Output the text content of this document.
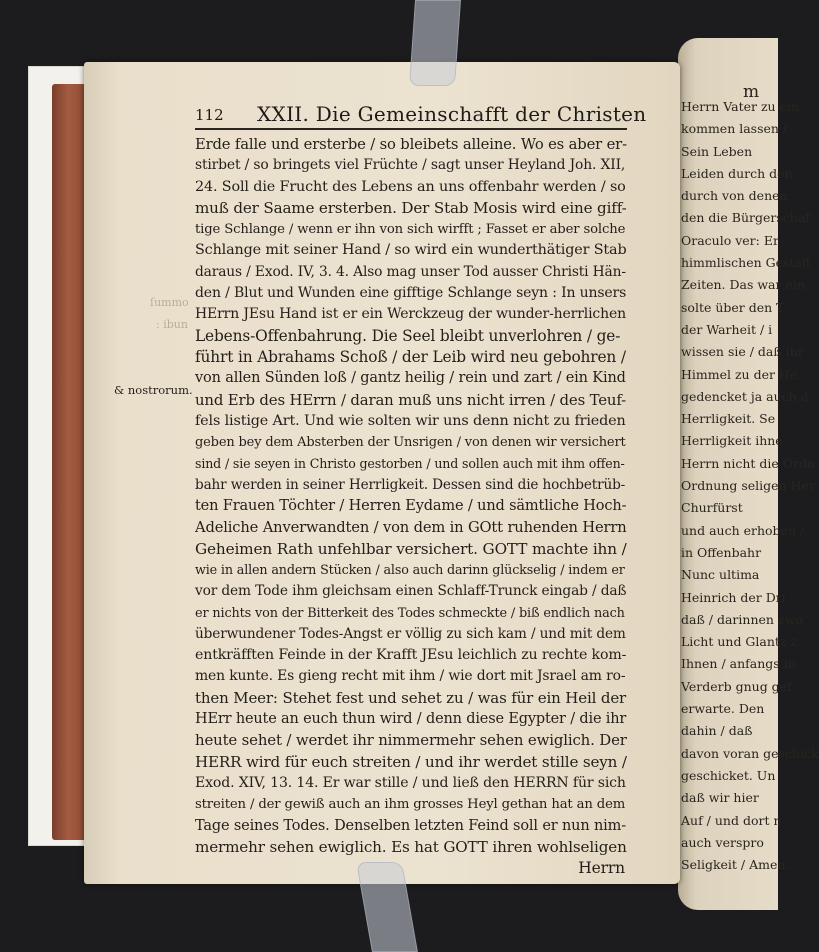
m
Herrn Vater zu ein
kommen lassen /
Sein Leben
Leiden durch den
durch von denen
den die Bürgerschaf
Oraculo ver: Er
himmlischen Gestalt
Zeiten. Das war ein
solte über den T
der Warheit / i
wissen sie / daß ihr
Himmel zu der He
gedencket ja auch d
Herrligkeit. Se
Herrligkeit ihne
Herrn nicht die Ordn
Ordnung seligen Her
Churfürst
und auch erhoben /
in Offenbahr
Nunc ultima
Heinrich der Dri
daß / darinnen zwo
Licht und Glantz z
Ihnen / anfangs in
Verderb gnug gef
erwarte. Den
dahin / daß
davon voran geschick
geschicket. Un
daß wir hier
Auf / und dort n
auch verspro
Seligkeit / Amen.
112 XXII. Die Gemeinschafft der Christen
& nostrorum.
ſummo
: ibun
Erde falle und ersterbe / so bleibets alleine. Wo es aber er-
stirbet / so bringets viel Früchte / sagt unser Heyland Joh. XII,
24. Soll die Frucht des Lebens an uns offenbahr werden / so
muß der Saame ersterben. Der Stab Mosis wird eine giff-
tige Schlange / wenn er ihn von sich wirfft ; Fasset er aber solche
Schlange mit seiner Hand / so wird ein wunderthätiger Stab
daraus / Exod. IV, 3. 4. Also mag unser Tod ausser Christi Hän-
den / Blut und Wunden eine gifftige Schlange seyn : In unsers
HErrn JEsu Hand ist er ein Werckzeug der wunder-herrlichen
Lebens-Offenbahrung. Die Seel bleibt unverlohren / ge-
führt in Abrahams Schoß / der Leib wird neu gebohren /
von allen Sünden loß / gantz heilig / rein und zart / ein Kind
und Erb des HErrn / daran muß uns nicht irren / des Teuf-
fels listige Art. Und wie solten wir uns denn nicht zu frieden
geben bey dem Absterben der Unsrigen / von denen wir versichert
sind / sie seyen in Christo gestorben / und sollen auch mit ihm offen-
bahr werden in seiner Herrligkeit. Dessen sind die hochbetrüb-
ten Frauen Töchter / Herren Eydame / und sämtliche Hoch-
Adeliche Anverwandten / von dem in GOtt ruhenden Herrn
Geheimen Rath unfehlbar versichert. GOTT machte ihn /
wie in allen andern Stücken / also auch darinn glückselig / indem er
vor dem Tode ihm gleichsam einen Schlaff-Trunck eingab / daß
er nichts von der Bitterkeit des Todes schmeckte / biß endlich nach
überwundener Todes-Angst er völlig zu sich kam / und mit dem
entkräfften Feinde in der Krafft JEsu leichlich zu rechte kom-
men kunte. Es gieng recht mit ihm / wie dort mit Jsrael am ro-
then Meer: Stehet fest und sehet zu / was für ein Heil der
HErr heute an euch thun wird / denn diese Egypter / die ihr
heute sehet / werdet ihr nimmermehr sehen ewiglich. Der
HERR wird für euch streiten / und ihr werdet stille seyn /
Exod. XIV, 13. 14. Er war stille / und ließ den HERRN für sich
streiten / der gewiß auch an ihm grosses Heyl gethan hat an dem
Tage seines Todes. Denselben letzten Feind soll er nun nim-
mermehr sehen ewiglich. Es hat GOTT ihren wohlseligen
Herrn
